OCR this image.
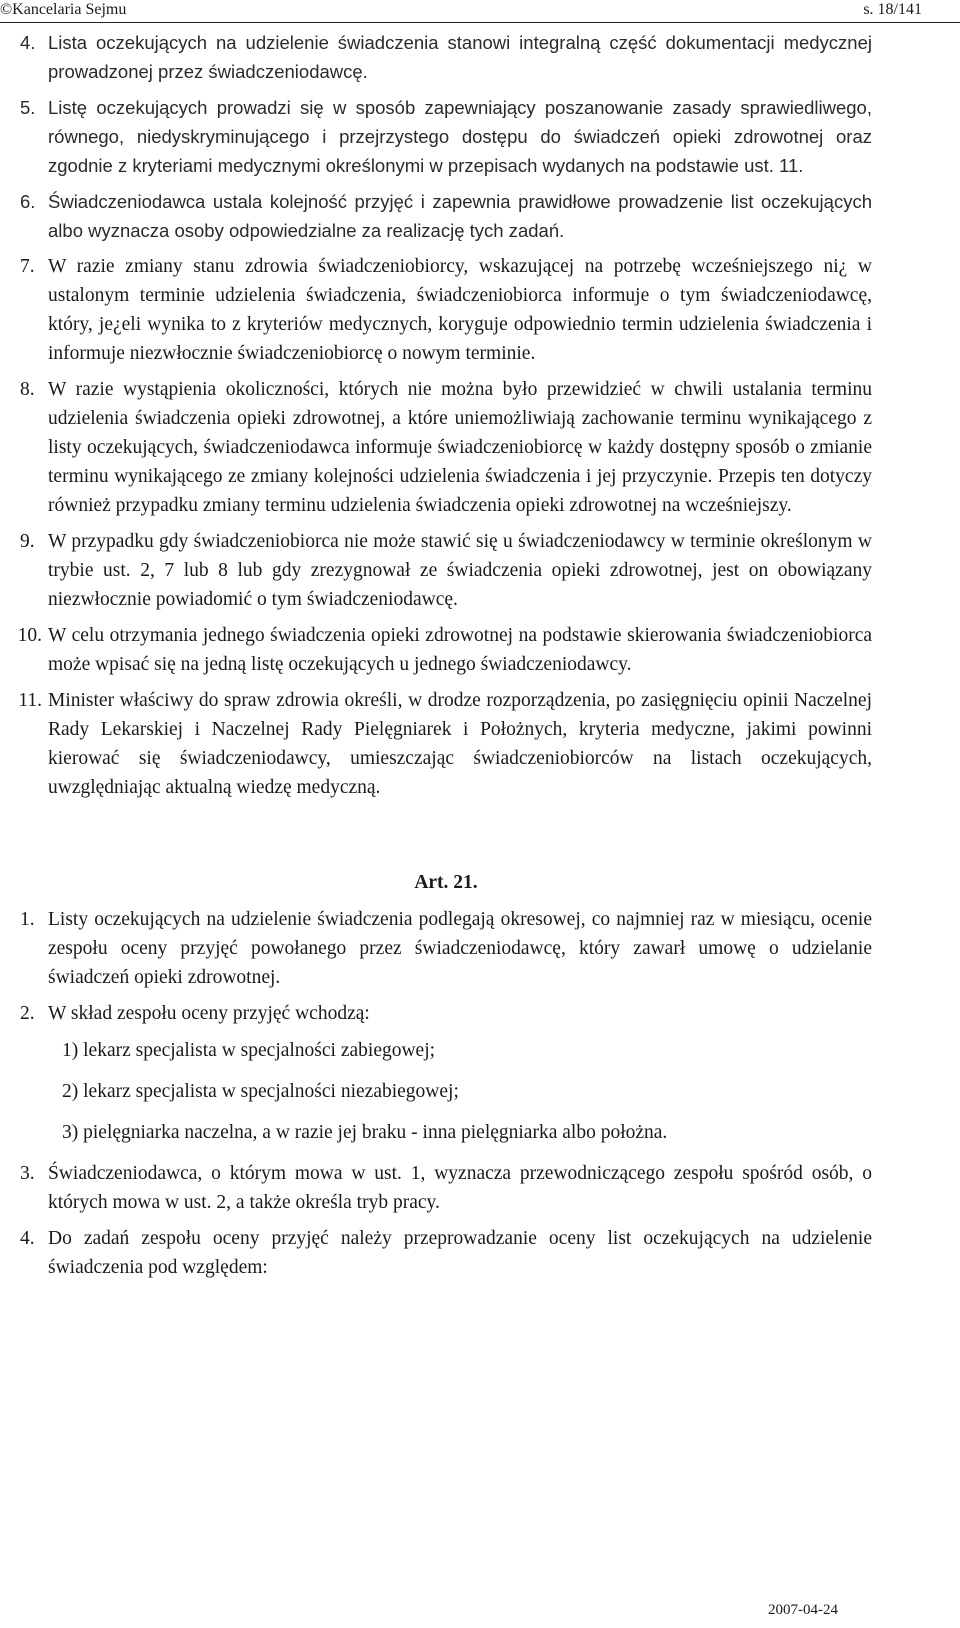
©Kancelaria Sejmu	s. 18/141
4. Lista oczekujących na udzielenie świadczenia stanowi integralną część dokumentacji medycznej prowadzonej przez świadczeniodawcę.
5. Listę oczekujących prowadzi się w sposób zapewniający poszanowanie zasady sprawiedliwego, równego, niedyskryminującego i przejrzystego dostępu do świadczeń opieki zdrowotnej oraz zgodnie z kryteriami medycznymi określonymi w przepisach wydanych na podstawie ust. 11.
6. Świadczeniodawca ustala kolejność przyjęć i zapewnia prawidłowe prowadzenie list oczekujących albo wyznacza osoby odpowiedzialne za realizację tych zadań.
7. W razie zmiany stanu zdrowia świadczeniobiorcy, wskazującej na potrzebę wcześniejszego ni¿ w ustalonym terminie udzielenia świadczenia, świadczeniobiorca informuje o tym świadczeniodawcę, który, je¿eli wynika to z kryteriów medycznych, koryguje odpowiednio termin udzielenia świadczenia i informuje niezwłocznie świadczeniobiorcę o nowym terminie.
8. W razie wystąpienia okoliczności, których nie można było przewidzieć w chwili ustalania terminu udzielenia świadczenia opieki zdrowotnej, a które uniemożliwiają zachowanie terminu wynikającego z listy oczekujących, świadczeniodawca informuje świadczeniobiorcę w każdy dostępny sposób o zmianie terminu wynikającego ze zmiany kolejności udzielenia świadczenia i jej przyczynie. Przepis ten dotyczy również przypadku zmiany terminu udzielenia świadczenia opieki zdrowotnej na wcześniejszy.
9. W przypadku gdy świadczeniobiorca nie może stawić się u świadczeniodawcy w terminie określonym w trybie ust. 2, 7 lub 8 lub gdy zrezygnował ze świadczenia opieki zdrowotnej, jest on obowiązany niezwłocznie powiadomić o tym świadczeniodawcę.
10. W celu otrzymania jednego świadczenia opieki zdrowotnej na podstawie skierowania świadczeniobiorca może wpisać się na jedną listę oczekujących u jednego świadczeniodawcy.
11. Minister właściwy do spraw zdrowia określi, w drodze rozporządzenia, po zasięgnięciu opinii Naczelnej Rady Lekarskiej i Naczelnej Rady Pielęgniarek i Położnych, kryteria medyczne, jakimi powinni kierować się świadczeniodawcy, umieszczając świadczeniobiorców na listach oczekujących, uwzględniając aktualną wiedzę medyczną.
Art. 21.
1. Listy oczekujących na udzielenie świadczenia podlegają okresowej, co najmniej raz w miesiącu, ocenie zespołu oceny przyjęć powołanego przez świadczeniodawcę, który zawarł umowę o udzielanie świadczeń opieki zdrowotnej.
2. W skład zespołu oceny przyjęć wchodzą:
1) lekarz specjalista w specjalności zabiegowej;
2) lekarz specjalista w specjalności niezabiegowej;
3) pielęgniarka naczelna, a w razie jej braku - inna pielęgniarka albo położna.
3. Świadczeniodawca, o którym mowa w ust. 1, wyznacza przewodniczącego zespołu spośród osób, o których mowa w ust. 2, a także określa tryb pracy.
4. Do zadań zespołu oceny przyjęć należy przeprowadzanie oceny list oczekujących na udzielenie świadczenia pod względem:
2007-04-24
